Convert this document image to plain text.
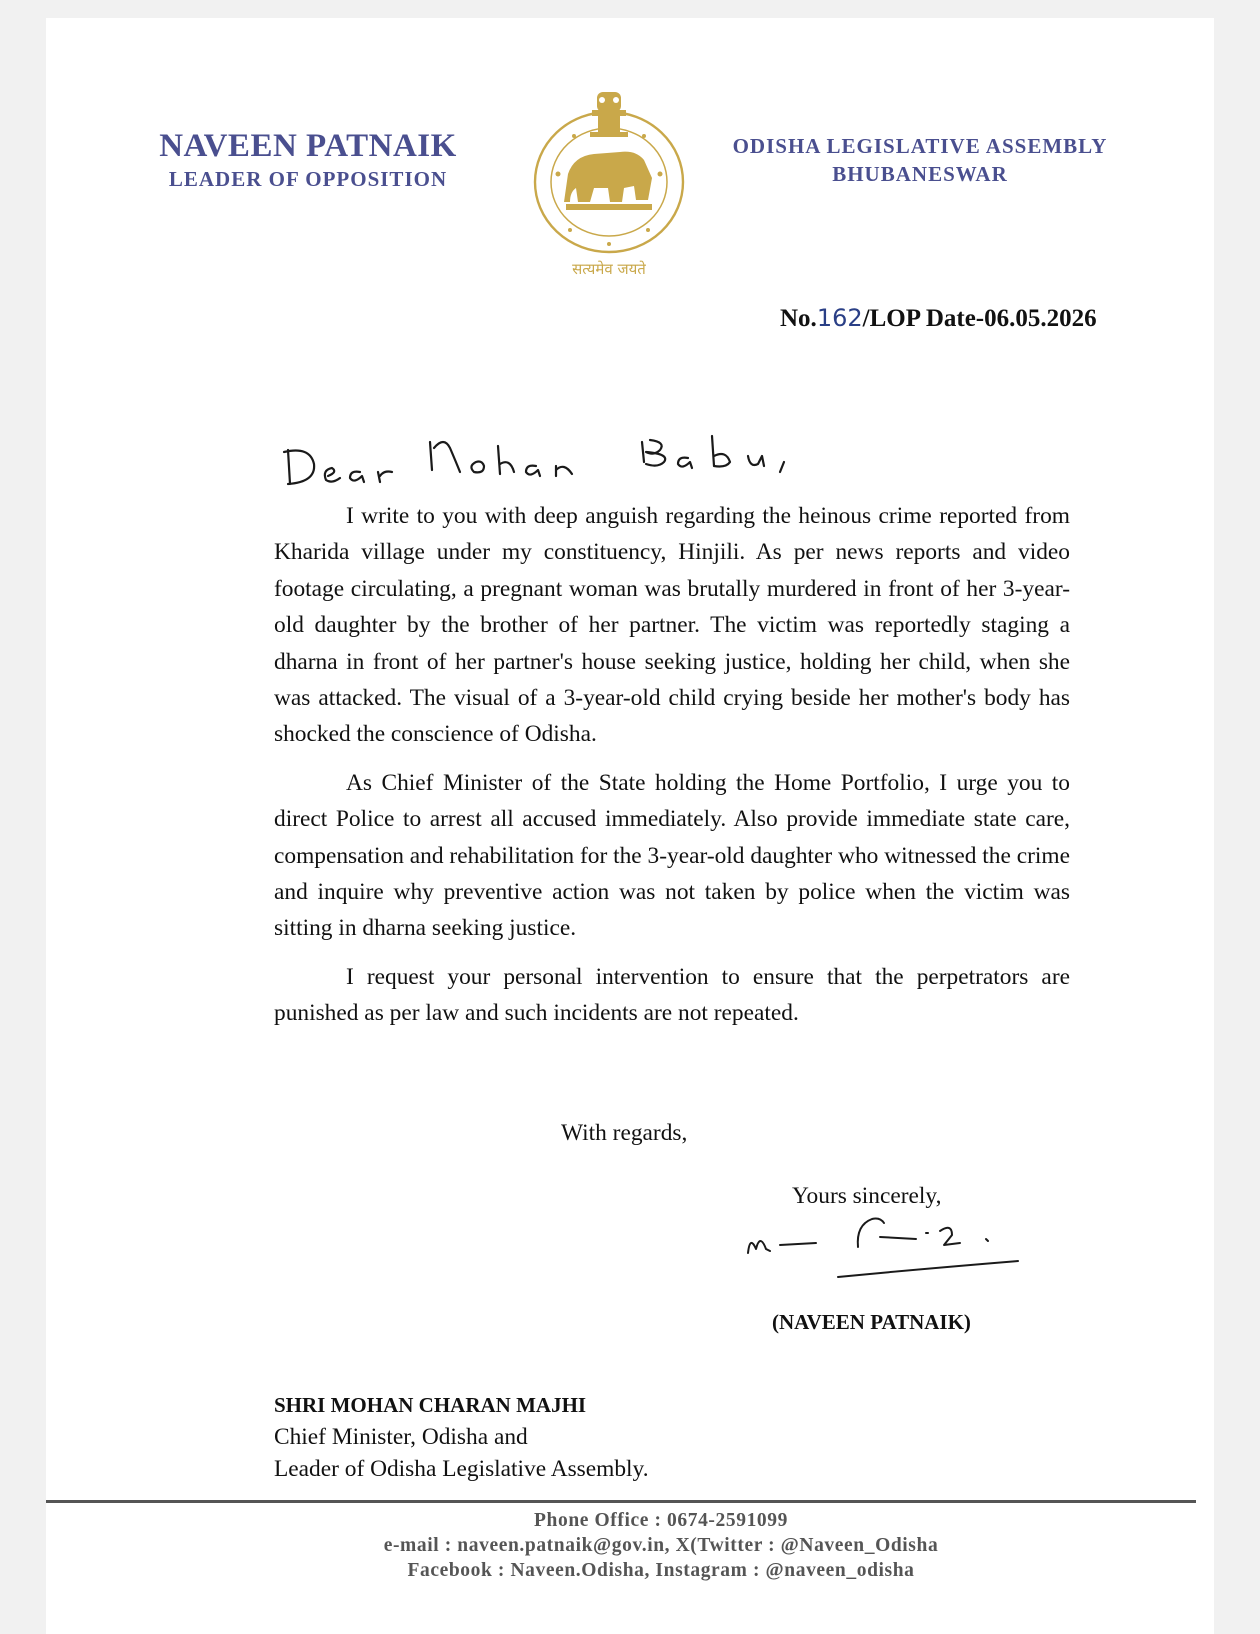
NAVEEN PATNAIK
LEADER OF OPPOSITION
सत्यमेव जयते
ODISHA LEGISLATIVE ASSEMBLY
BHUBANESWAR
No.162/LOP Date-06.05.2026

I write to you with deep anguish regarding the heinous crime reported from Kharida village under my constituency, Hinjili. As per news reports and video footage circulating, a pregnant woman was brutally murdered in front of her 3-year-old daughter by the brother of her partner. The victim was reportedly staging a dharna in front of her partner's house seeking justice, holding her child, when she was attacked. The visual of a 3-year-old child crying beside her mother's body has shocked the conscience of Odisha.

As Chief Minister of the State holding the Home Portfolio, I urge you to direct Police to arrest all accused immediately. Also provide immediate state care, compensation and rehabilitation for the 3-year-old daughter who witnessed the crime and inquire why preventive action was not taken by police when the victim was sitting in dharna seeking justice.

I request your personal intervention to ensure that the perpetrators are punished as per law and such incidents are not repeated.

With regards,
Yours sincerely,
(NAVEEN PATNAIK)
SHRI MOHAN CHARAN MAJHI
Chief Minister, Odisha and
Leader of Odisha Legislative Assembly.
Phone Office : 0674-2591099
e-mail : naveen.patnaik@gov.in, X(Twitter : @Naveen_Odisha
Facebook : Naveen.Odisha, Instagram : @naveen_odisha
